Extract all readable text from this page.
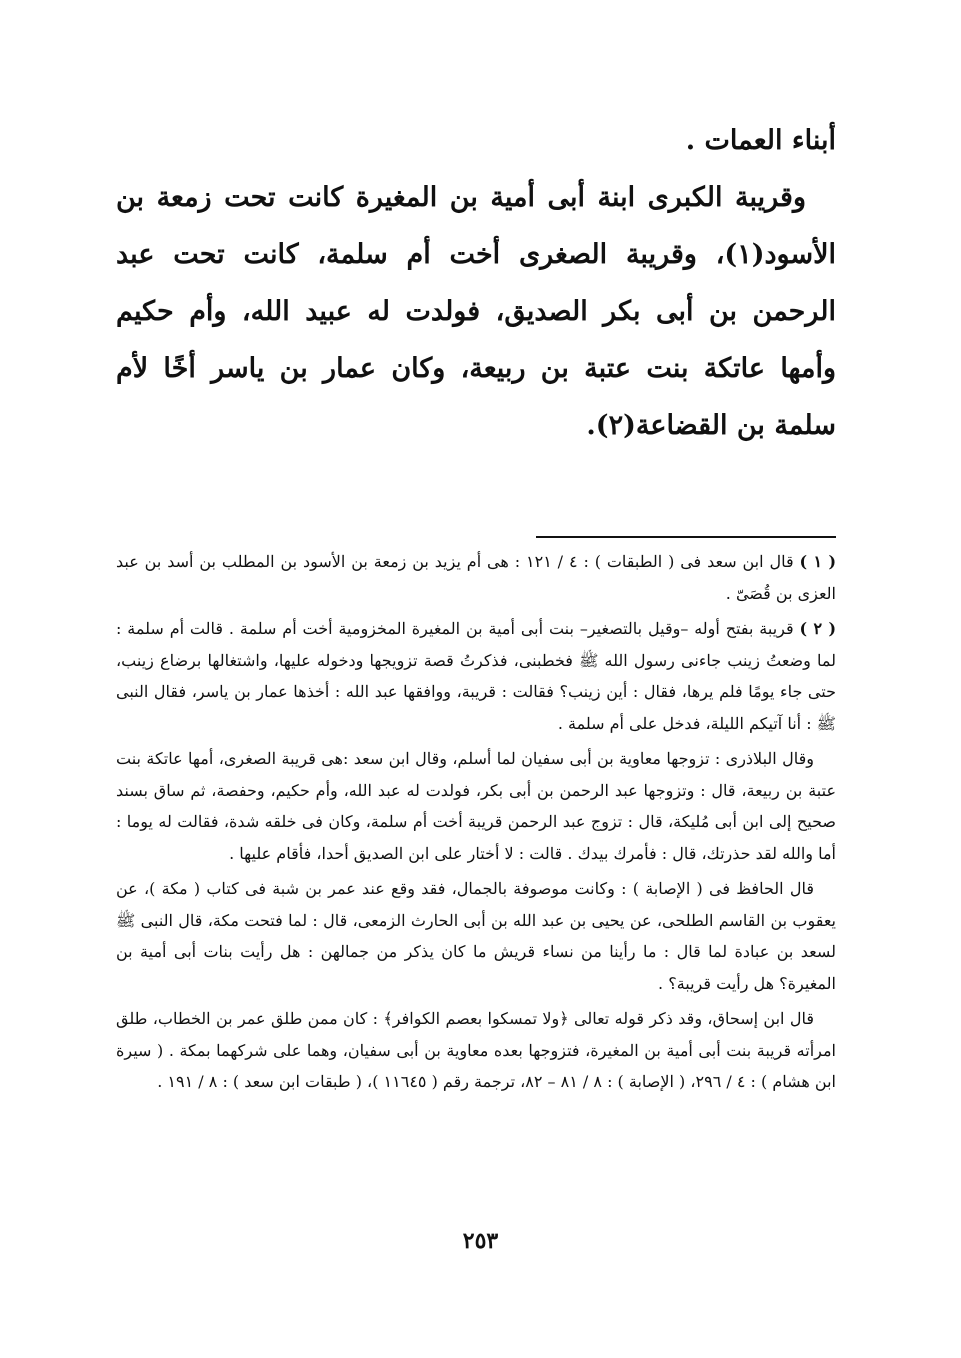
أبناء العمات .

وقريبة الكبرى ابنة أبى أمية بن المغيرة كانت تحت زمعة بن الأسود(١)، وقريبة الصغرى أخت أم سلمة، كانت تحت عبد الرحمن بن أبى بكر الصديق، فولدت له عبيد الله، وأم حكيم وأمها عاتكة بنت عتبة بن ربيعة، وكان عمار بن ياسر أخًا لأم سلمة بن القضاعة(٢).

( ١ ) قال ابن سعد فى ( الطبقات ) : ٤ / ١٢١ : هى أم يزيد بن زمعة بن الأسود بن المطلب بن أسد بن عبد العزى بن قُصَىّ .

( ٢ ) قريبة بفتح أوله –وقيل بالتصغير– بنت أبى أمية بن المغيرة المخزومية أخت أم سلمة . قالت أم سلمة : لما وضعتُ زينب جاءنى رسول الله ﷺ فخطبنى، فذكرتُ قصة تزويجها ودخوله عليها، واشتغالها برضاع زينب، حتى جاء يومًا فلم يرها، فقال : أين زينب؟ فقالت : قريبة، ووافقها عبد الله : أخذها عمار بن ياسر، فقال النبى ﷺ : أنا آتيكم الليلة، فدخل على أم سلمة .

وقال البلاذرى : تزوجها معاوية بن أبى سفيان لما أسلم، وقال ابن سعد :هى قريبة الصغرى، أمها عاتكة بنت عتبة بن ربيعة، قال : وتزوجها عبد الرحمن بن أبى بكر، فولدت له عبد الله، وأم حكيم، وحفصة، ثم ساق بسند صحيح إلى ابن أبى مُليكة، قال : تزوج عبد الرحمن قريبة أخت أم سلمة، وكان فى خلقه شدة، فقالت له يوما : أما والله لقد حذرتك، قال : فأمرك بيدك . قالت : لا أختار على ابن الصديق أحدا، فأقام عليها .

قال الحافظ فى ( الإصابة ) : وكانت موصوفة بالجمال، فقد وقع عند عمر بن شبة فى كتاب ( مكة )، عن يعقوب بن القاسم الطلحى، عن يحيى بن عبد الله بن أبى الحارث الزمعى، قال : لما فتحت مكة، قال النبى ﷺ لسعد بن عبادة لما قال : ما رأينا من نساء قريش ما كان يذكر من جمالهن : هل رأيت بنات أبى أمية بن المغيرة؟ هل رأيت قريبة؟ .

قال ابن إسحاق، وقد ذكر قوله تعالى ﴿ولا تمسكوا بعصم الكوافر﴾ : كان ممن طلق عمر بن الخطاب، طلق امرأته قريبة بنت أبى أمية بن المغيرة، فتزوجها بعده معاوية بن أبى سفيان، وهما على شركهما بمكة . ( سيرة ابن هشام ) : ٤ / ٢٩٦، ( الإصابة ) : ٨ / ٨١ – ٨٢، ترجمة رقم ( ١١٦٤٥ )، ( طبقات ابن سعد ) : ٨ / ١٩١ .

٢٥٣
